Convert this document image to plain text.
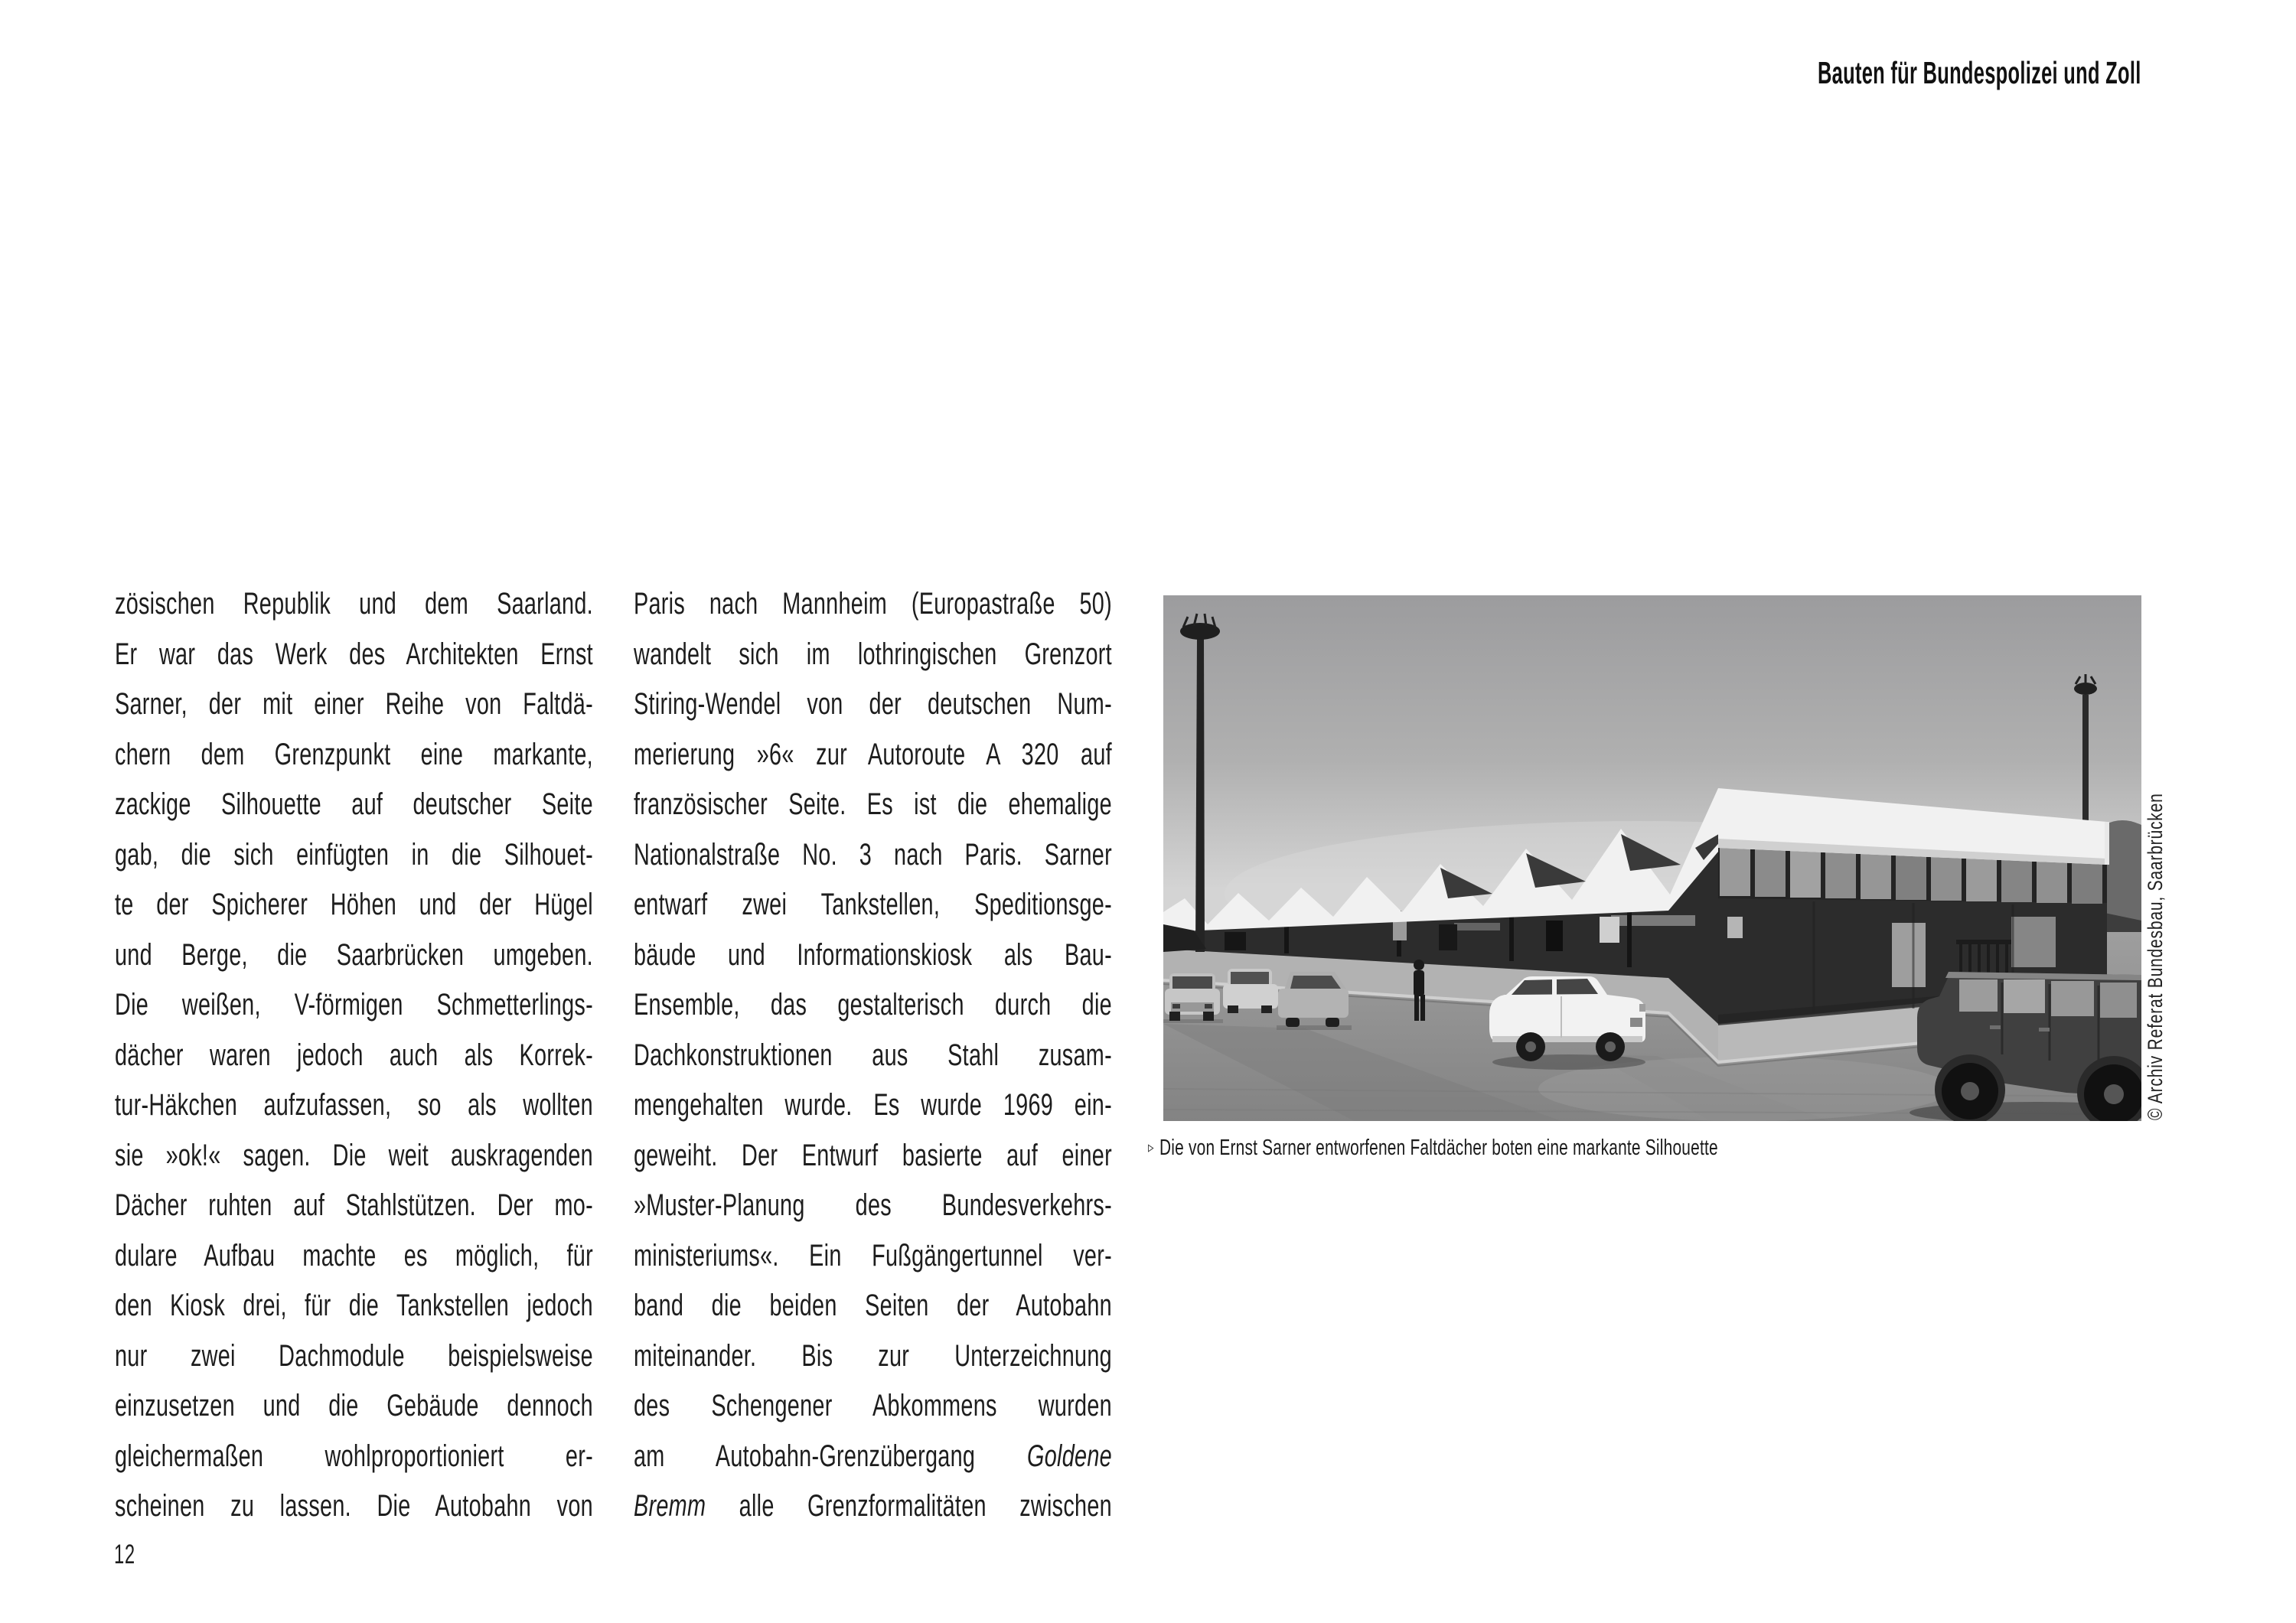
Bauten für Bundespolizei und Zoll
zösischen Republik und dem Saarland.
Er war das Werk des Architekten Ernst
Sarner, der mit einer Reihe von Faltdä-
chern dem Grenzpunkt eine markante,
zackige Silhouette auf deutscher Seite
gab, die sich einfügten in die Silhouet-
te der Spicherer Höhen und der Hügel
und Berge, die Saarbrücken umgeben.
Die weißen, V-förmigen Schmetterlings-
dächer waren jedoch auch als Korrek-
tur-Häkchen aufzufassen, so als wollten
sie »ok!« sagen. Die weit auskragenden
Dächer ruhten auf Stahlstützen. Der mo-
dulare Aufbau machte es möglich, für
den Kiosk drei, für die Tankstellen jedoch
nur zwei Dachmodule beispielsweise
einzusetzen und die Gebäude dennoch
gleichermaßen wohlproportioniert er-
scheinen zu lassen. Die Autobahn von
Paris nach Mannheim (Europastraße 50)
wandelt sich im lothringischen Grenzort
Stiring-Wendel von der deutschen Num-
merierung »6« zur Autoroute A 320 auf
französischer Seite. Es ist die ehemalige
Nationalstraße No. 3 nach Paris. Sarner
entwarf zwei Tankstellen, Speditionsge-
bäude und Informationskiosk als Bau-
Ensemble, das gestalterisch durch die
Dachkonstruktionen aus Stahl zusam-
mengehalten wurde. Es wurde 1969 ein-
geweiht. Der Entwurf basierte auf einer
»Muster-Planung des Bundesverkehrs-
ministeriums«. Ein Fußgängertunnel ver-
band die beiden Seiten der Autobahn
miteinander. Bis zur Unterzeichnung
des Schengener Abkommens wurden
am Autobahn-Grenzübergang Goldene
Bremm alle Grenzformalitäten zwischen
▹ Die von Ernst Sarner entworfenen Faltdächer boten eine markante Silhouette
© Archiv Referat Bundesbau, Saarbrücken
12
